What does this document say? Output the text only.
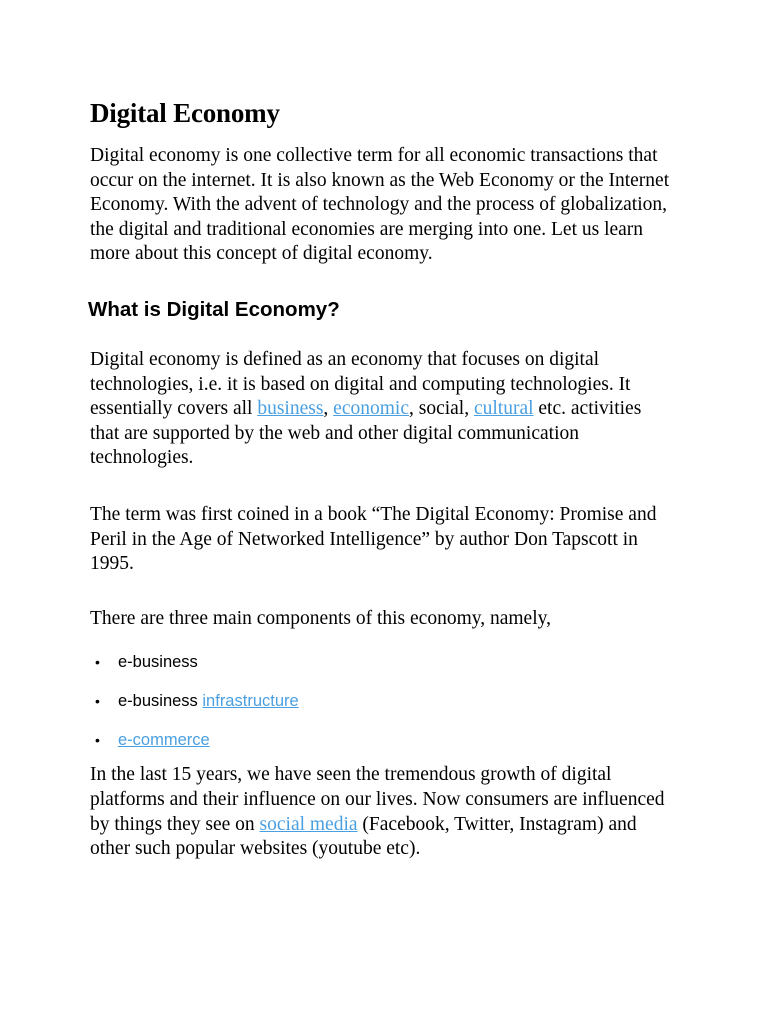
Digital Economy

Digital economy is one collective term for all economic transactions that occur on the internet. It is also known as the Web Economy or the Internet Economy. With the advent of technology and the process of globalization, the digital and traditional economies are merging into one. Let us learn more about this concept of digital economy.

What is Digital Economy?

Digital economy is defined as an economy that focuses on digital technologies, i.e. it is based on digital and computing technologies. It essentially covers all business, economic, social, cultural etc. activities that are supported by the web and other digital communication technologies.

The term was first coined in a book “The Digital Economy: Promise and Peril in the Age of Networked Intelligence” by author Don Tapscott in 1995.

There are three main components of this economy, namely,

• e-business
• e-business infrastructure
• e-commerce

In the last 15 years, we have seen the tremendous growth of digital platforms and their influence on our lives. Now consumers are influenced by things they see on social media (Facebook, Twitter, Instagram) and other such popular websites (youtube etc).
